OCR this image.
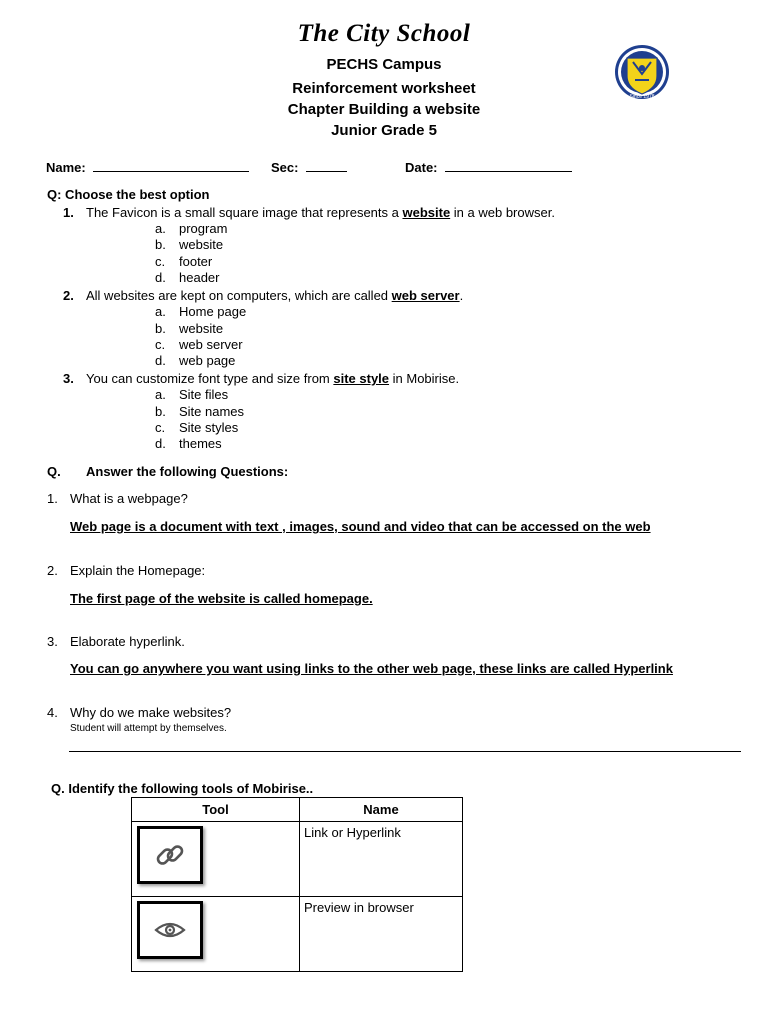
The City School
PECHS Campus
Reinforcement worksheet
Chapter Building a website
Junior Grade 5
Since 1978
Name:	Sec:	Date:
Q: Choose the best option
1. The Favicon is a small square image that represents a website in a web browser.
a. program
b. website
c. footer
d. header
2. All websites are kept on computers, which are called web server.
a. Home page
b. website
c. web server
d. web page
3. You can customize font type and size from site style in Mobirise.
a. Site files
b. Site names
c. Site styles
d. themes
Q. Answer the following Questions:
1. What is a webpage?
Web page is a document with text , images, sound and video that can be accessed on the web
2. Explain the Homepage:
The first page of the website is called homepage.
3. Elaborate hyperlink.
You can go anywhere you want using links to the other web page, these links are called Hyperlink
4. Why do we make websites?
Student will attempt by themselves.
Q. Identify the following tools of Mobirise..
Tool	Name

	Link or Hyperlink

	Preview in browser
